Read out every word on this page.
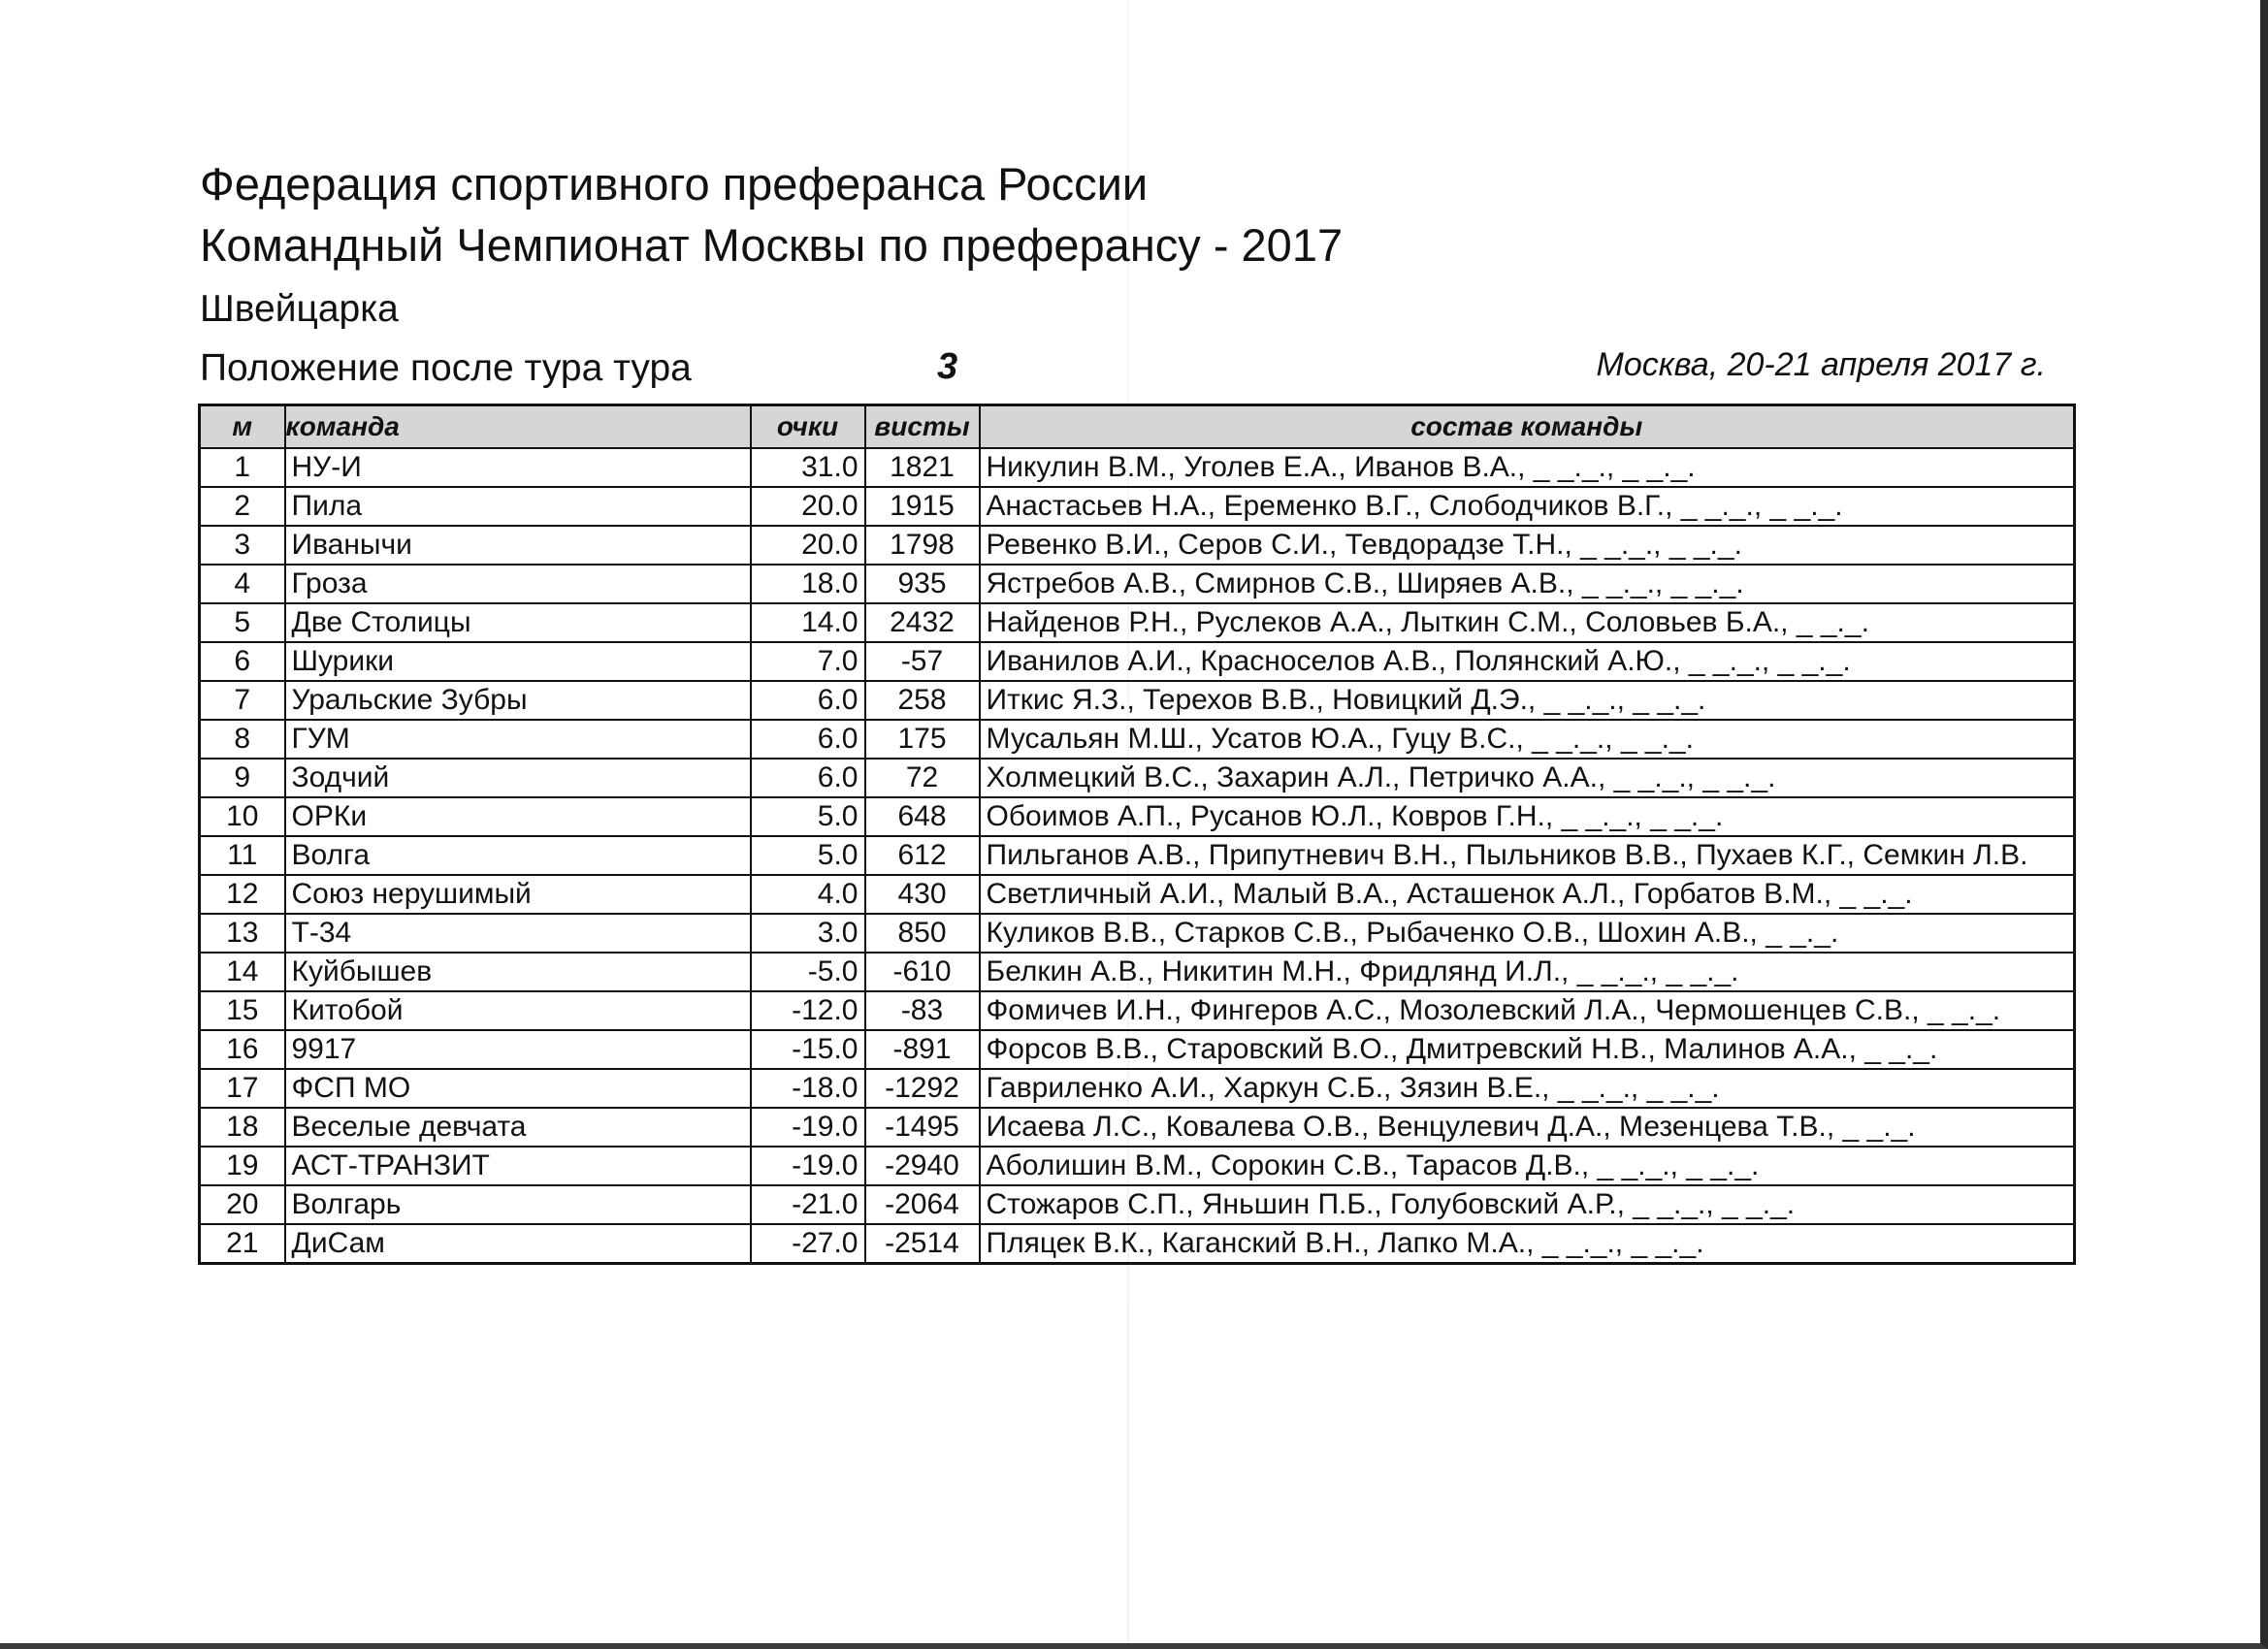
Федерация спортивного преферанса России
Командный Чемпионат Москвы по преферансу - 2017
Швейцарка
Положение после тура тура	3	Москва, 20-21 апреля 2017 г.
м	команда	очки	висты	состав команды
1	НУ-И	31.0	1821	Никулин В.М., Уголев Е.А., Иванов В.А., _ _._., _ _._.
2	Пила	20.0	1915	Анастасьев Н.А., Еременко В.Г., Слободчиков В.Г., _ _._., _ _._.
3	Иванычи	20.0	1798	Ревенко В.И., Серов С.И., Тевдорадзе Т.Н., _ _._., _ _._.
4	Гроза	18.0	935	Ястребов А.В., Смирнов С.В., Ширяев А.В., _ _._., _ _._.
5	Две Столицы	14.0	2432	Найденов Р.Н., Руслеков А.А., Лыткин С.М., Соловьев Б.А., _ _._.
6	Шурики	7.0	-57	Иванилов А.И., Красноселов А.В., Полянский А.Ю., _ _._., _ _._.
7	Уральские Зубры	6.0	258	Иткис Я.З., Терехов В.В., Новицкий Д.Э., _ _._., _ _._.
8	ГУМ	6.0	175	Мусальян М.Ш., Усатов Ю.А., Гуцу В.С., _ _._., _ _._.
9	Зодчий	6.0	72	Холмецкий В.С., Захарин А.Л., Петричко А.А., _ _._., _ _._.
10	ОРКи	5.0	648	Обоимов А.П., Русанов Ю.Л., Ковров Г.Н., _ _._., _ _._.
11	Волга	5.0	612	Пильганов А.В., Припутневич В.Н., Пыльников В.В., Пухаев К.Г., Семкин Л.В.
12	Союз нерушимый	4.0	430	Светличный А.И., Малый В.А., Асташенок А.Л., Горбатов В.М., _ _._.
13	Т-34	3.0	850	Куликов В.В., Старков С.В., Рыбаченко О.В., Шохин А.В., _ _._.
14	Куйбышев	-5.0	-610	Белкин А.В., Никитин М.Н., Фридлянд И.Л., _ _._., _ _._.
15	Китобой	-12.0	-83	Фомичев И.Н., Фингеров А.С., Мозолевский Л.А., Чермошенцев С.В., _ _._.
16	9917	-15.0	-891	Форсов В.В., Старовский В.О., Дмитревский Н.В., Малинов А.А., _ _._.
17	ФСП МО	-18.0	-1292	Гавриленко А.И., Харкун С.Б., Зязин В.Е., _ _._., _ _._.
18	Веселые девчата	-19.0	-1495	Исаева Л.С., Ковалева О.В., Венцулевич Д.А., Мезенцева Т.В., _ _._.
19	АСТ-ТРАНЗИТ	-19.0	-2940	Аболишин В.М., Сорокин С.В., Тарасов Д.В., _ _._., _ _._.
20	Волгарь	-21.0	-2064	Стожаров С.П., Яньшин П.Б., Голубовский А.Р., _ _._., _ _._.
21	ДиСам	-27.0	-2514	Пляцек В.К., Каганский В.Н., Лапко М.А., _ _._., _ _._.
